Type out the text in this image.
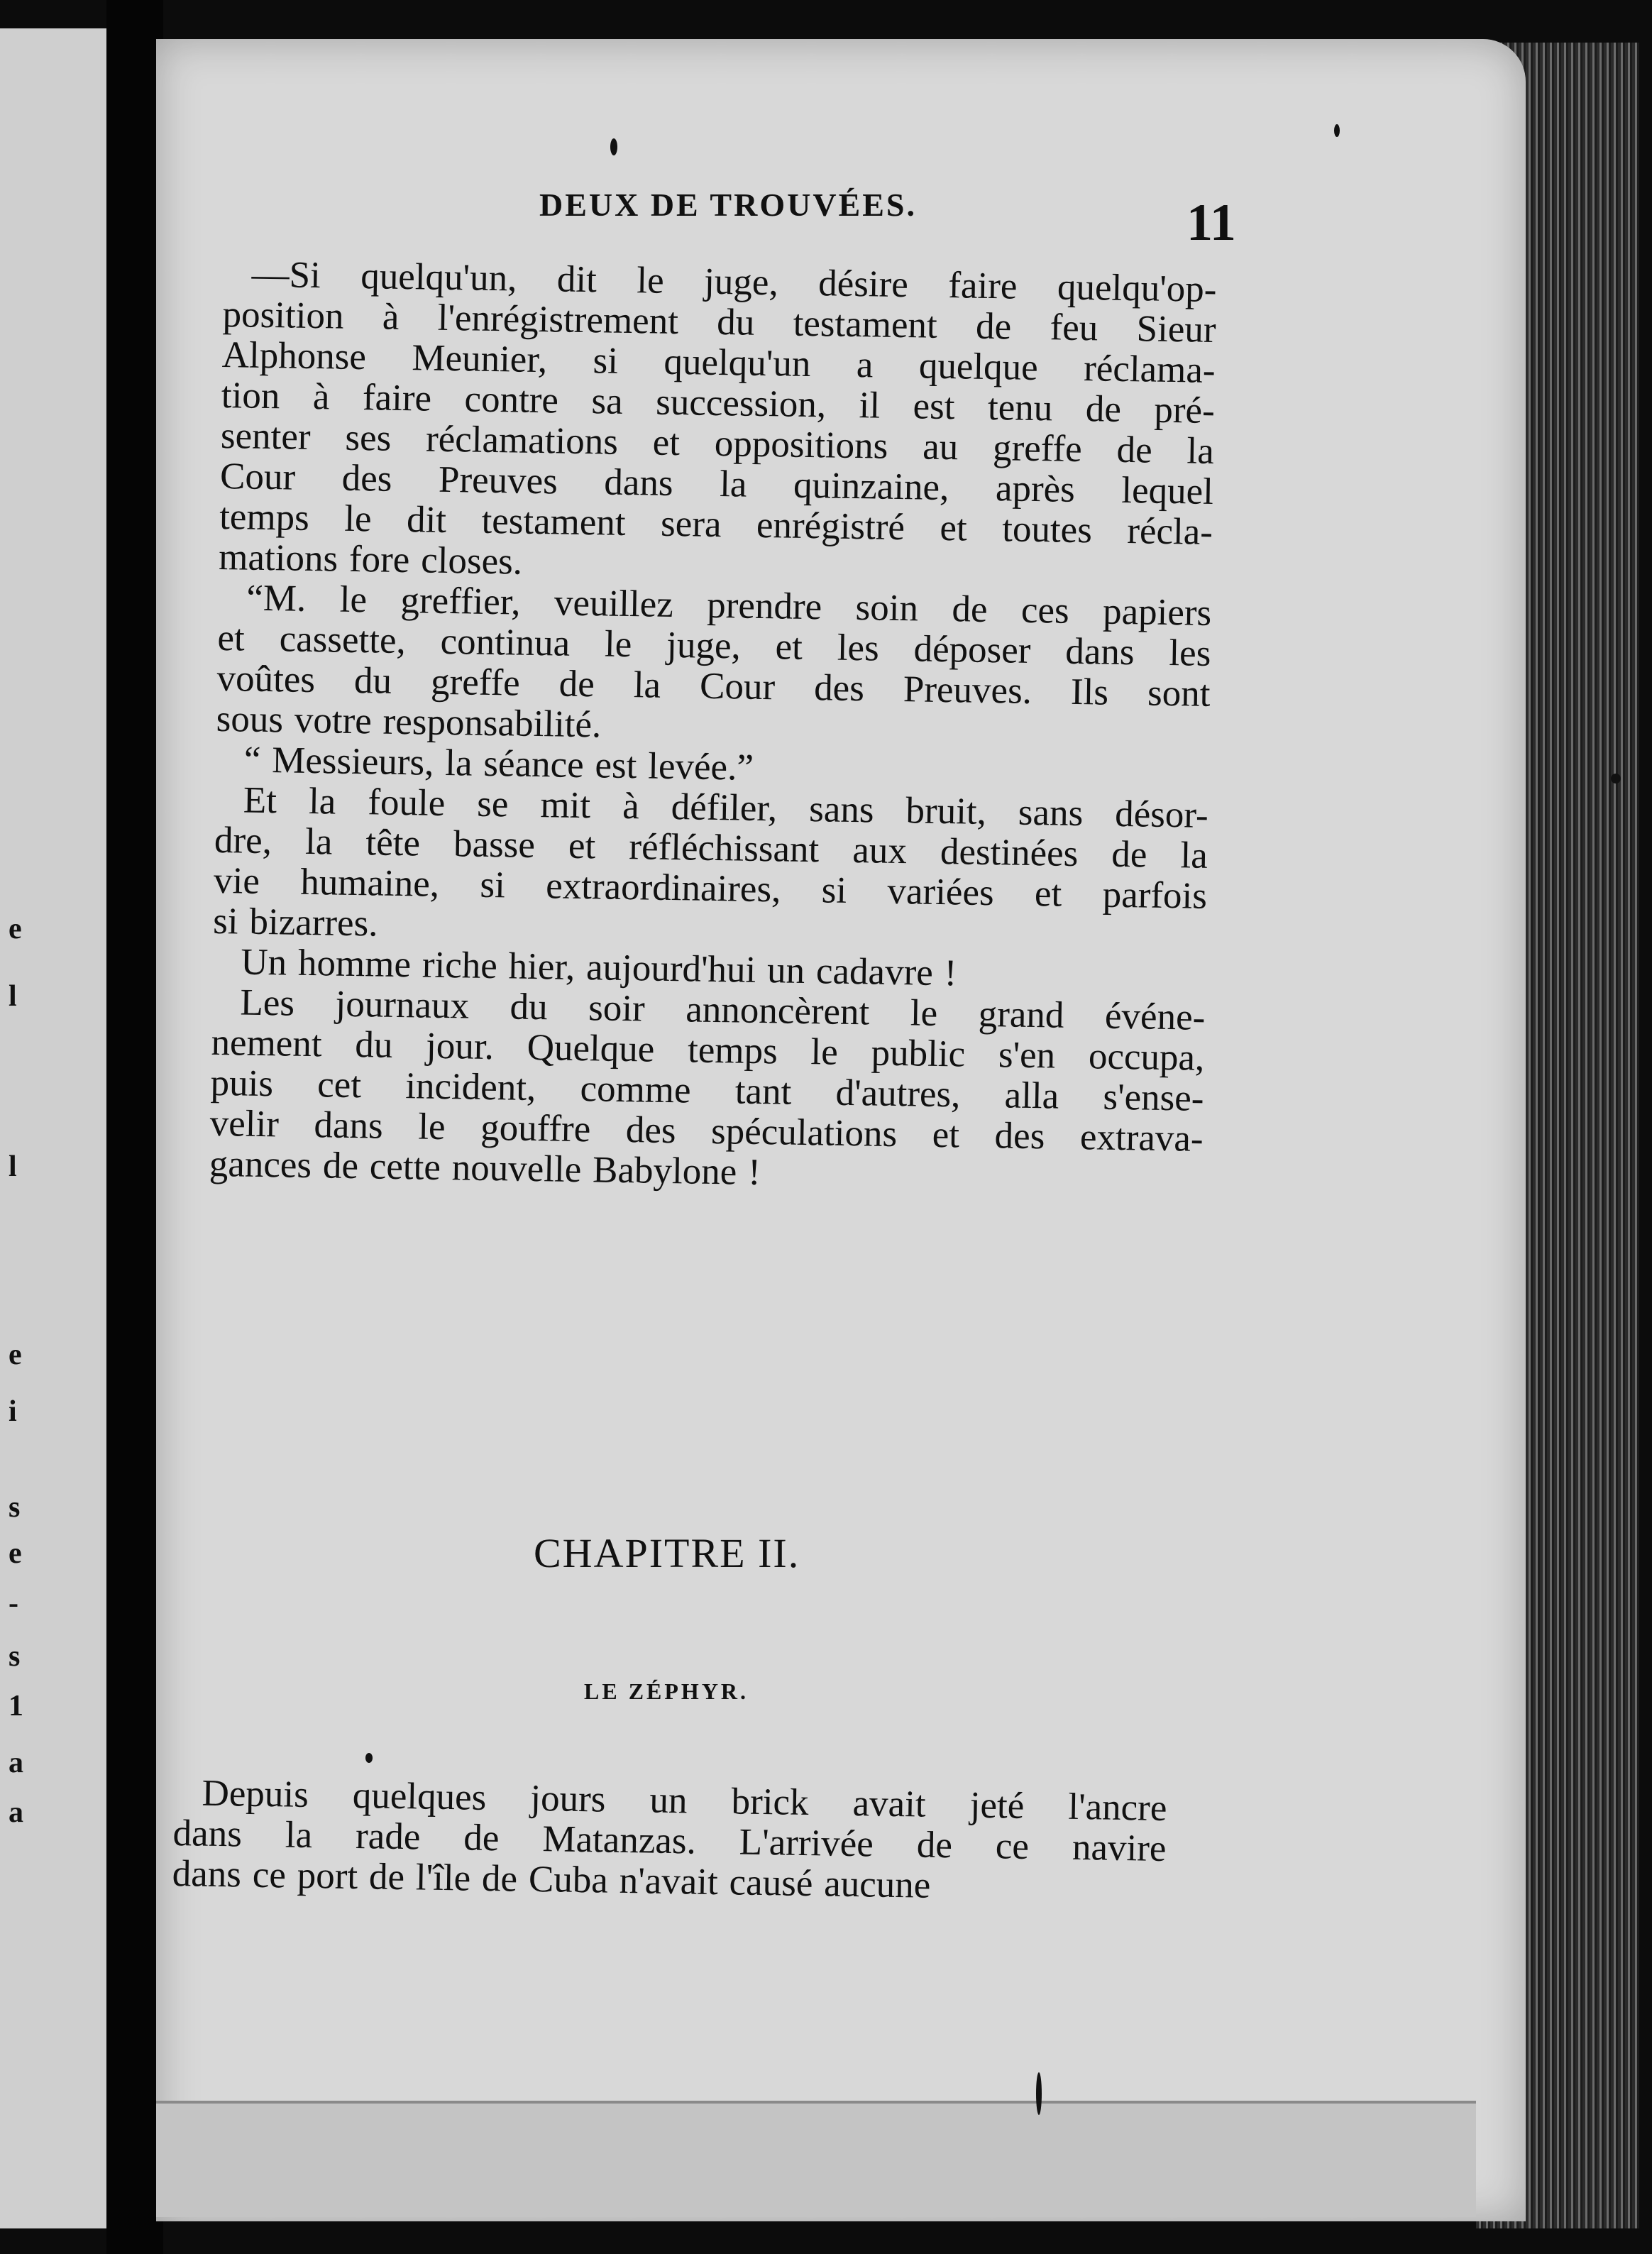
e
l
l
e
i
s
e
-
s
1
a
a
DEUX DE TROUVÉES.	11
—Si quelqu'un, dit le juge, désire faire quelqu'op-
position à l'enrégistrement du testament de feu Sieur
Alphonse Meunier, si quelqu'un a quelque réclama-
tion à faire contre sa succession, il est tenu de pré-
senter ses réclamations et oppositions au greffe de la
Cour des Preuves dans la quinzaine, après lequel
temps le dit testament sera enrégistré et toutes récla-
mations fore closes.
“M. le greffier, veuillez prendre soin de ces papiers
et cassette, continua le juge, et les déposer dans les
voûtes du greffe de la Cour des Preuves. Ils sont
sous votre responsabilité.
“ Messieurs, la séance est levée.”
Et la foule se mit à défiler, sans bruit, sans désor-
dre, la tête basse et réfléchissant aux destinées de la
vie humaine, si extraordinaires, si variées et parfois
si bizarres.
Un homme riche hier, aujourd'hui un cadavre !
Les journaux du soir annoncèrent le grand événe-
nement du jour. Quelque temps le public s'en occupa,
puis cet incident, comme tant d'autres, alla s'ense-
velir dans le gouffre des spéculations et des extrava-
gances de cette nouvelle Babylone !
CHAPITRE II.
LE ZÉPHYR.
Depuis quelques jours un brick avait jeté l'ancre
dans la rade de Matanzas. L'arrivée de ce navire
dans ce port de l'île de Cuba n'avait causé aucune
